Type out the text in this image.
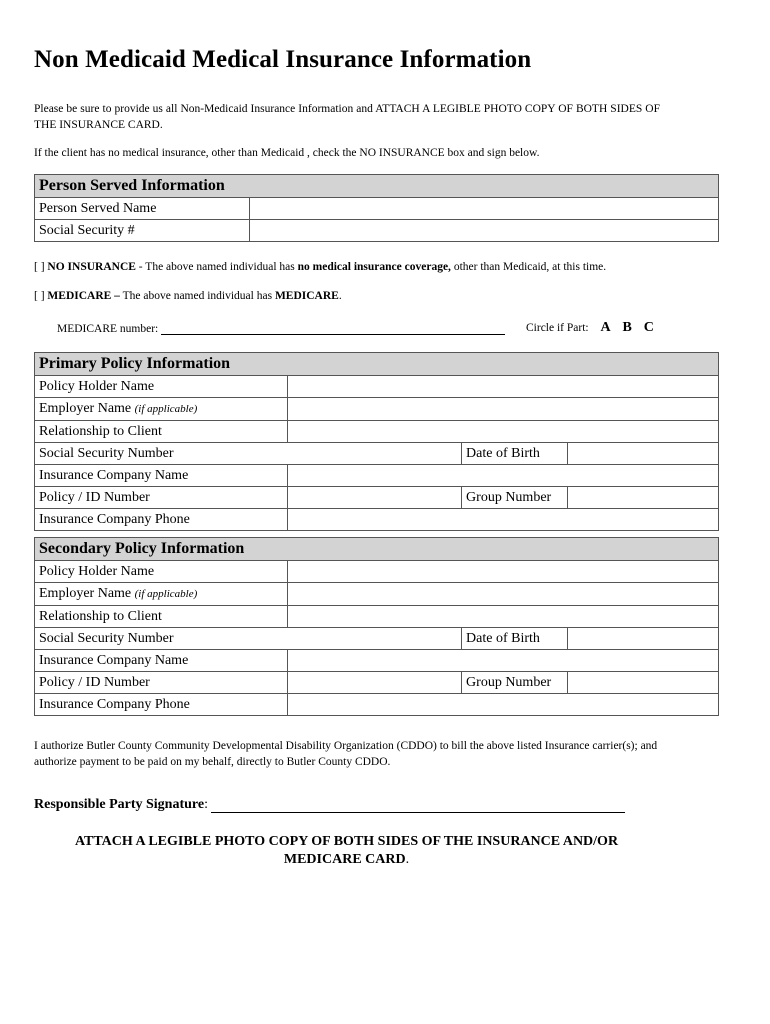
Non Medicaid Medical Insurance Information
Please be sure to provide us all Non-Medicaid Insurance Information and ATTACH A LEGIBLE PHOTO COPY OF BOTH SIDES OF THE INSURANCE CARD.
If the client has no medical insurance, other than Medicaid , check the NO INSURANCE box and sign below.
Person Served Information	
Person Served Name	
Social Security #	
[ ] NO INSURANCE - The above named individual has no medical insurance coverage, other than Medicaid, at this time.
[ ] MEDICARE – The above named individual has MEDICARE.
MEDICARE number:	Circle if Part: A B C
Primary Policy Information			
Policy Holder Name			
Employer Name (if applicable)			
Relationship to Client			
Social Security Number		Date of Birth	
Insurance Company Name			
Policy / ID Number		Group Number	
Insurance Company Phone			
Secondary Policy Information			
Policy Holder Name			
Employer Name (if applicable)			
Relationship to Client			
Social Security Number		Date of Birth	
Insurance Company Name			
Policy / ID Number		Group Number	
Insurance Company Phone			
I authorize Butler County Community Developmental Disability Organization (CDDO) to bill the above listed Insurance carrier(s); and authorize payment to be paid on my behalf, directly to Butler County CDDO.
Responsible Party Signature:
ATTACH A LEGIBLE PHOTO COPY OF BOTH SIDES OF THE INSURANCE AND/OR
MEDICARE CARD.
